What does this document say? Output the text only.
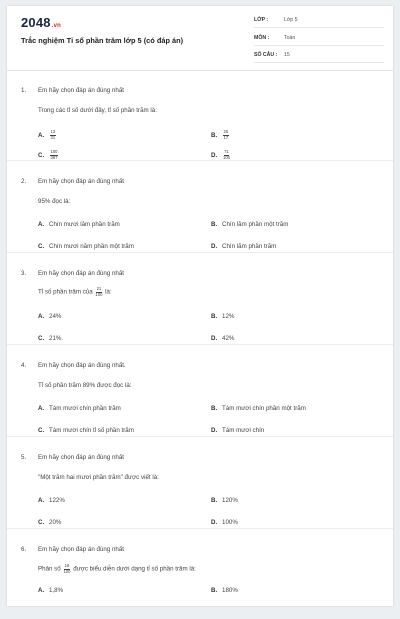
2048.vn
Trắc nghiệm Tỉ số phần trăm lớp 5 (có đáp án)
LỚP :	Lớp 5
MÔN :	Toán
SỐ CÂU : 15
1. Em hãy chọn đáp án đúng nhất
Trong các tỉ số dưới đây, tỉ số phần trăm là:
A. $\frac{13}{31}$	B. $\frac{25}{17}$
C. $\frac{100}{387}$	D. $\frac{71}{100}$
2. Em hãy chọn đáp án đúng nhất
95% đọc là:
A. Chín mươi lăm phần trăm	B. Chín lăm phần một trăm
C. Chín mươi năm phần một trăm	D. Chín lăm phần trăm
3. Em hãy chọn đáp án đúng nhất
Tỉ số phần trăm của $\frac{21}{100}$ là:
A. 24%	B. 12%
C. 21%.	D. 42%
4. Em hãy chọn đáp án đúng nhất.
Tỉ số phần trăm 89% được đọc là:
A. Tám mươi chín phần trăm	B. Tám mươi chín phần một trăm
C. Tám mươi chín tỉ số phần trăm	D. Tám mươi chín
5. Em hãy chọn đáp án đúng nhất
"Một trăm hai mươi phần trăm" được viết là:
A. 122%	B. 120%
C. 20%	D. 100%
6. Em hãy chọn đáp án đúng nhất
Phân số $\frac{18}{100}$ được biểu diễn dưới dạng tỉ số phần trăm là:
A. 1,8%	B. 180%
